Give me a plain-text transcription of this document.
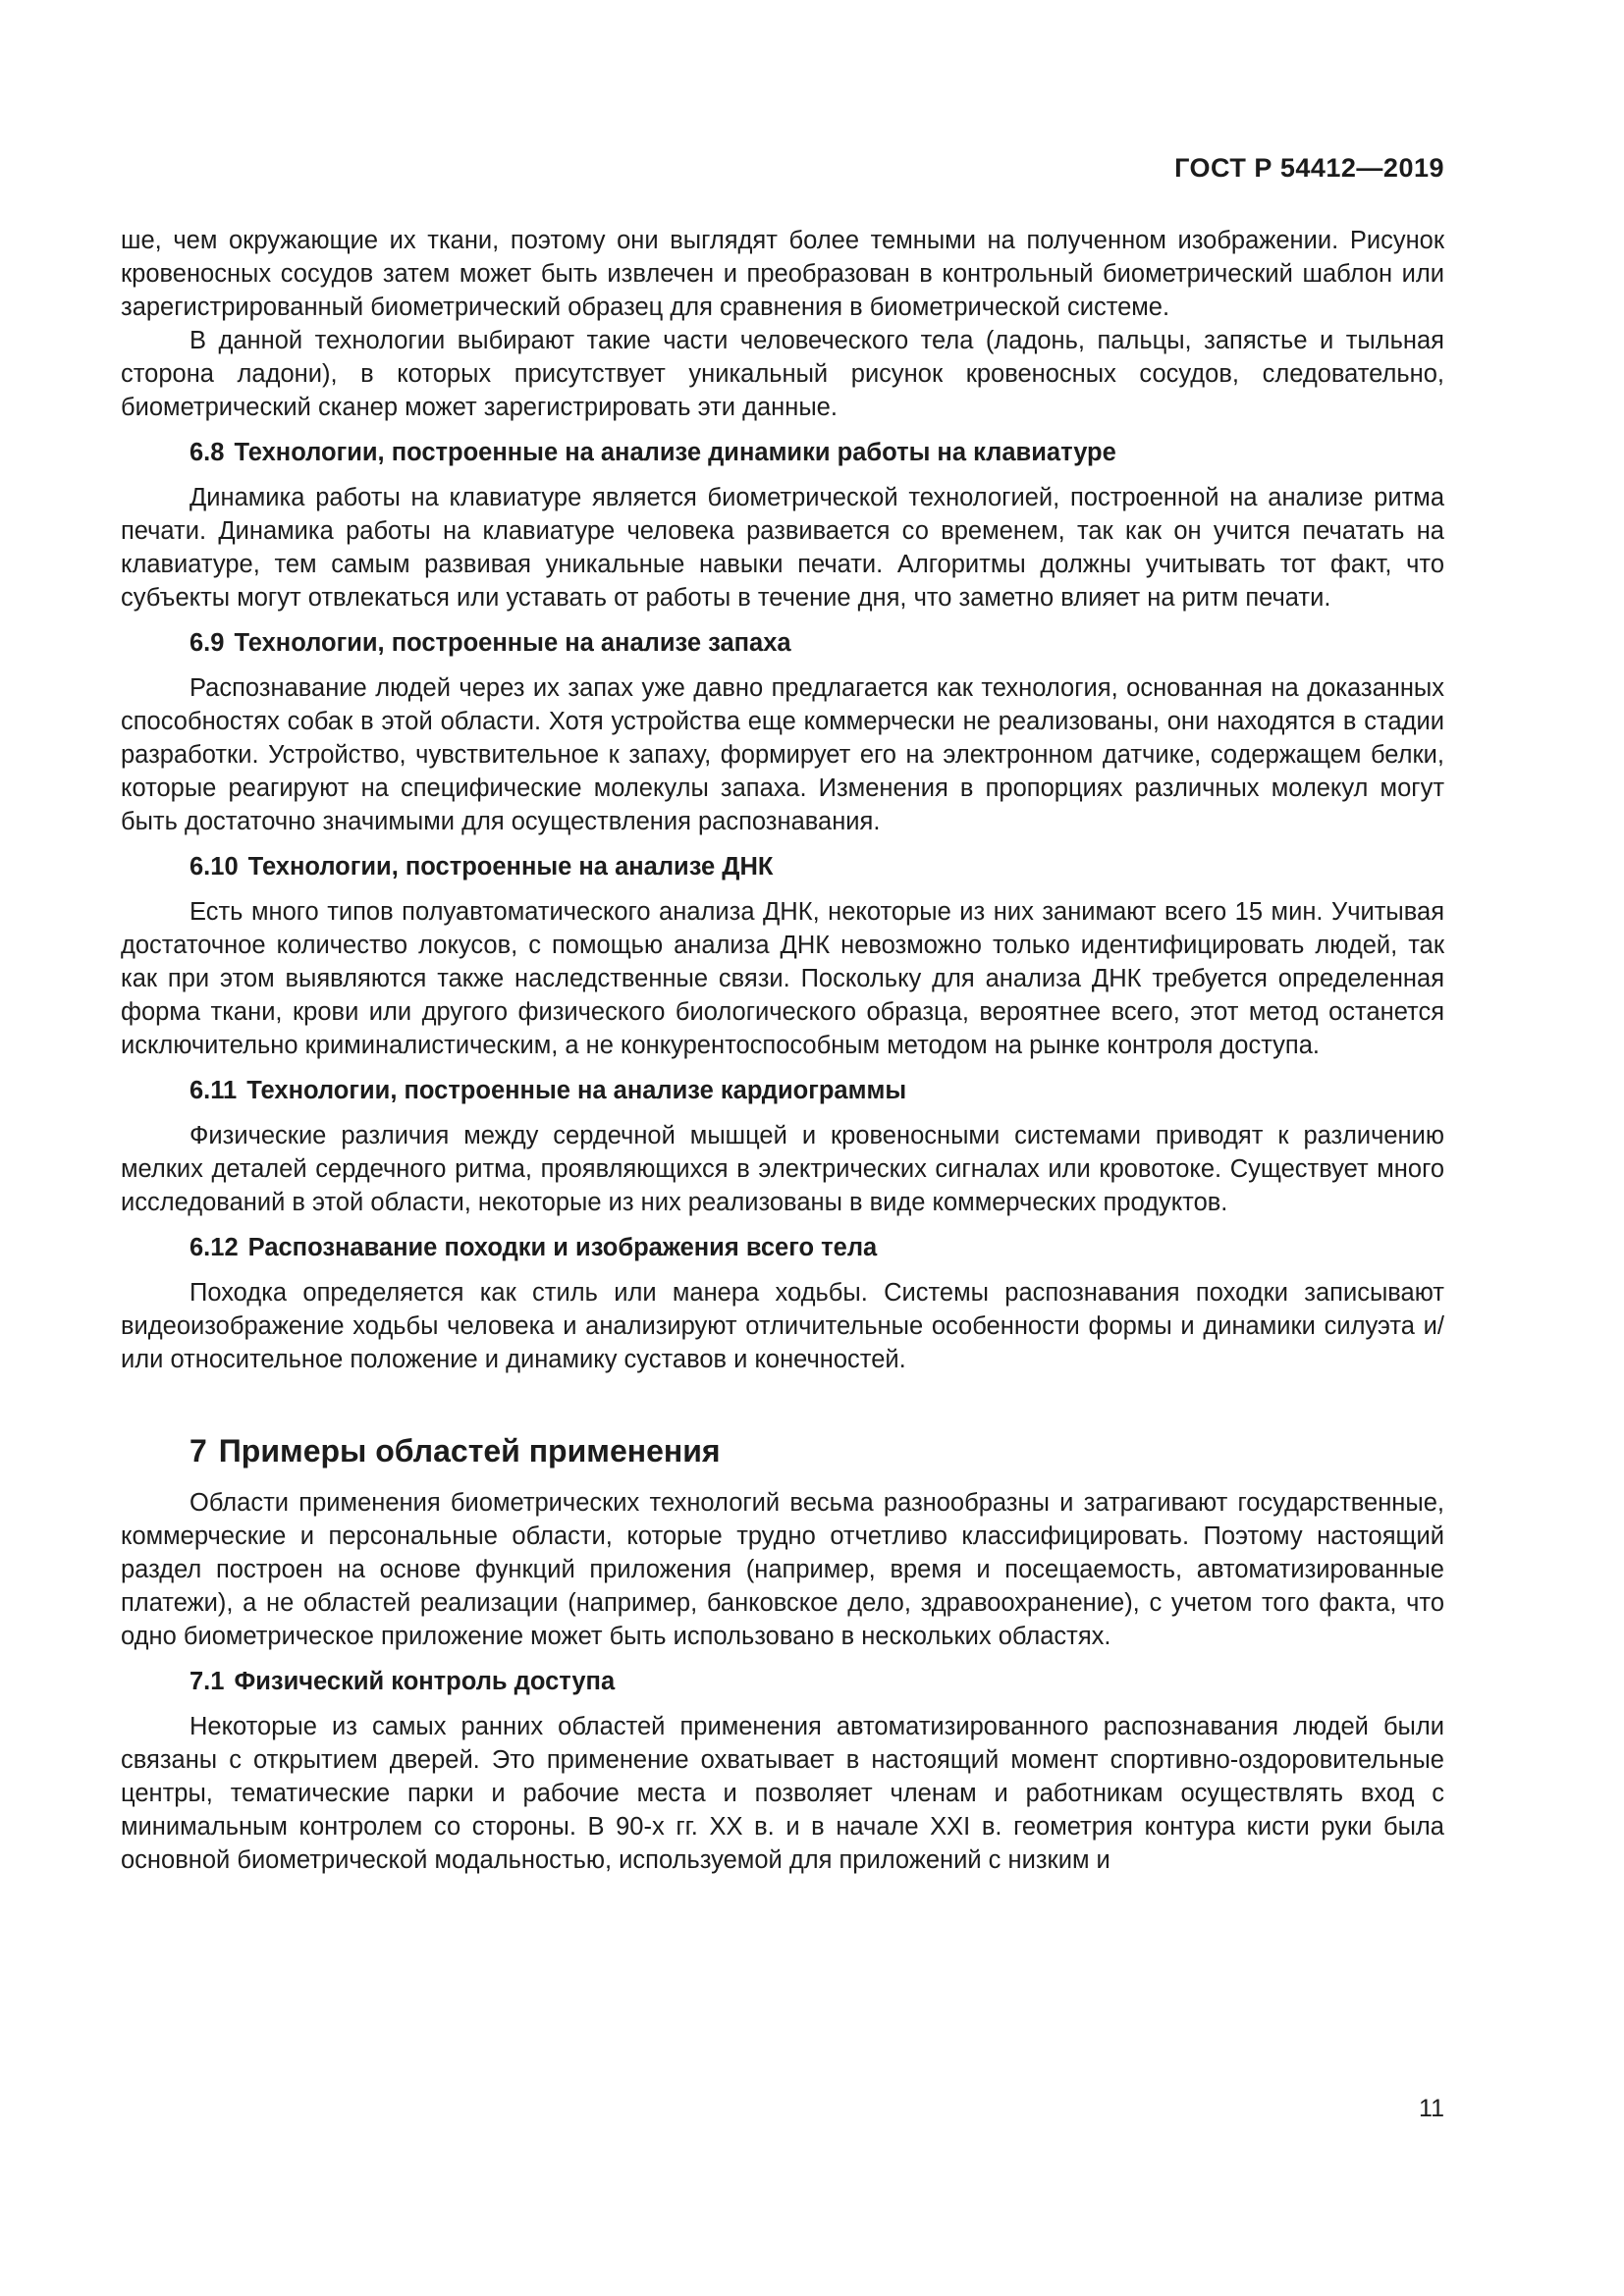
ГОСТ Р 54412—2019

ше, чем окружающие их ткани, поэтому они выглядят более темными на полученном изображении. Рисунок кровеносных сосудов затем может быть извлечен и преобразован в контрольный биометрический шаблон или зарегистрированный биометрический образец для сравнения в биометрической системе.

В данной технологии выбирают такие части человеческого тела (ладонь, пальцы, запястье и тыльная сторона ладони), в которых присутствует уникальный рисунок кровеносных сосудов, следовательно, биометрический сканер может зарегистрировать эти данные.

6.8 Технологии, построенные на анализе динамики работы на клавиатуре

Динамика работы на клавиатуре является биометрической технологией, построенной на анализе ритма печати. Динамика работы на клавиатуре человека развивается со временем, так как он учится печатать на клавиатуре, тем самым развивая уникальные навыки печати. Алгоритмы должны учитывать тот факт, что субъекты могут отвлекаться или уставать от работы в течение дня, что заметно влияет на ритм печати.

6.9 Технологии, построенные на анализе запаха

Распознавание людей через их запах уже давно предлагается как технология, основанная на доказанных способностях собак в этой области. Хотя устройства еще коммерчески не реализованы, они находятся в стадии разработки. Устройство, чувствительное к запаху, формирует его на электронном датчике, содержащем белки, которые реагируют на специфические молекулы запаха. Изменения в пропорциях различных молекул могут быть достаточно значимыми для осуществления распознавания.

6.10 Технологии, построенные на анализе ДНК

Есть много типов полуавтоматического анализа ДНК, некоторые из них занимают всего 15 мин. Учитывая достаточное количество локусов, с помощью анализа ДНК невозможно только идентифицировать людей, так как при этом выявляются также наследственные связи. Поскольку для анализа ДНК требуется определенная форма ткани, крови или другого физического биологического образца, вероятнее всего, этот метод останется исключительно криминалистическим, а не конкурентоспособным методом на рынке контроля доступа.

6.11 Технологии, построенные на анализе кардиограммы

Физические различия между сердечной мышцей и кровеносными системами приводят к различению мелких деталей сердечного ритма, проявляющихся в электрических сигналах или кровотоке. Существует много исследований в этой области, некоторые из них реализованы в виде коммерческих продуктов.

6.12 Распознавание походки и изображения всего тела

Походка определяется как стиль или манера ходьбы. Системы распознавания походки записывают видеоизображение ходьбы человека и анализируют отличительные особенности формы и динамики силуэта и/или относительное положение и динамику суставов и конечностей.

7 Примеры областей применения

Области применения биометрических технологий весьма разнообразны и затрагивают государственные, коммерческие и персональные области, которые трудно отчетливо классифицировать. Поэтому настоящий раздел построен на основе функций приложения (например, время и посещаемость, автоматизированные платежи), а не областей реализации (например, банковское дело, здравоохранение), с учетом того факта, что одно биометрическое приложение может быть использовано в нескольких областях.

7.1 Физический контроль доступа

Некоторые из самых ранних областей применения автоматизированного распознавания людей были связаны с открытием дверей. Это применение охватывает в настоящий момент спортивно-оздоровительные центры, тематические парки и рабочие места и позволяет членам и работникам осуществлять вход с минимальным контролем со стороны. В 90-х гг. XX в. и в начале XXI в. геометрия контура кисти руки была основной биометрической модальностью, используемой для приложений с низким и

11
